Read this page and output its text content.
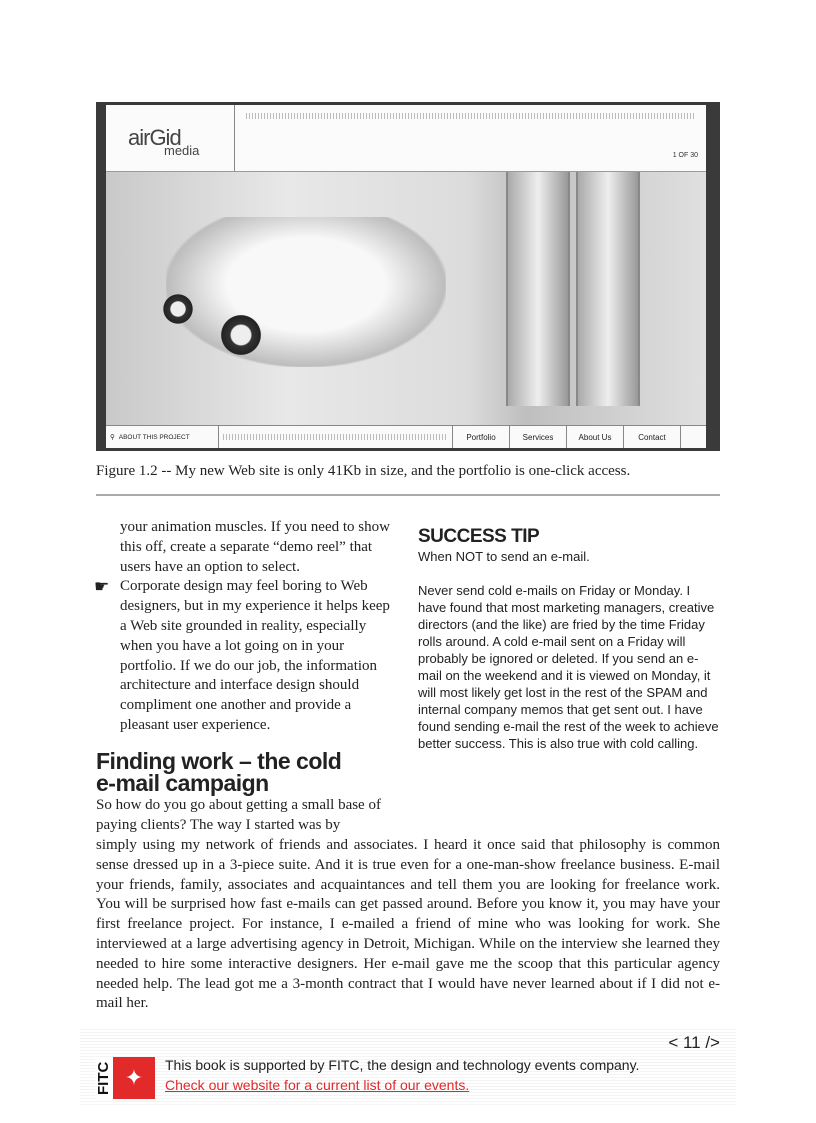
airGid
media	1 OF 30
⚲ ABOUT THIS PROJECT	Portfolio	Services	About Us	Contact
Figure 1.2 -- My new Web site is only 41Kb in size, and the portfolio is one-click access.

your animation muscles. If you need to show this off, create a separate “demo reel” that users have an option to select.

☛ Corporate design may feel boring to Web designers, but in my experience it helps keep a Web site grounded in reality, especially when you have a lot going on in your portfolio. If we do our job, the information architecture and interface design should compliment one another and provide a pleasant user experience.

SUCCESS TIP

When NOT to send an e-mail.

Never send cold e-mails on Friday or Monday. I have found that most marketing managers, creative directors (and the like) are fried by the time Friday rolls around. A cold e-mail sent on a Friday will probably be ignored or deleted. If you send an e-mail on the weekend and it is viewed on Monday, it will most likely get lost in the rest of the SPAM and internal company memos that get sent out. I have found sending e-mail the rest of the week to achieve better success. This is also true with cold calling.

Finding work – the cold
e-mail campaign
So how do you go about getting a small base of paying clients? The way I started was by
simply using my network of friends and associates. I heard it once said that philosophy is common sense dressed up in a 3-piece suite. And it is true even for a one-man-show freelance business. E-mail your friends, family, associates and acquaintances and tell them you are looking for freelance work. You will be surprised how fast e-mails can get passed around. Before you know it, you may have your first freelance project. For instance, I e-mailed a friend of mine who was looking for work. She interviewed at a large advertising agency in Detroit, Michigan. While on the interview she learned they needed to hire some interactive designers. Her e-mail gave me the scoop that this particular agency needed help. The lead got me a 3-month contract that I would have never learned about if I did not e-mail her.
< 11 />
FITC ✦	This book is supported by FITC, the design and technology events company.
Check our website for a current list of our events.
